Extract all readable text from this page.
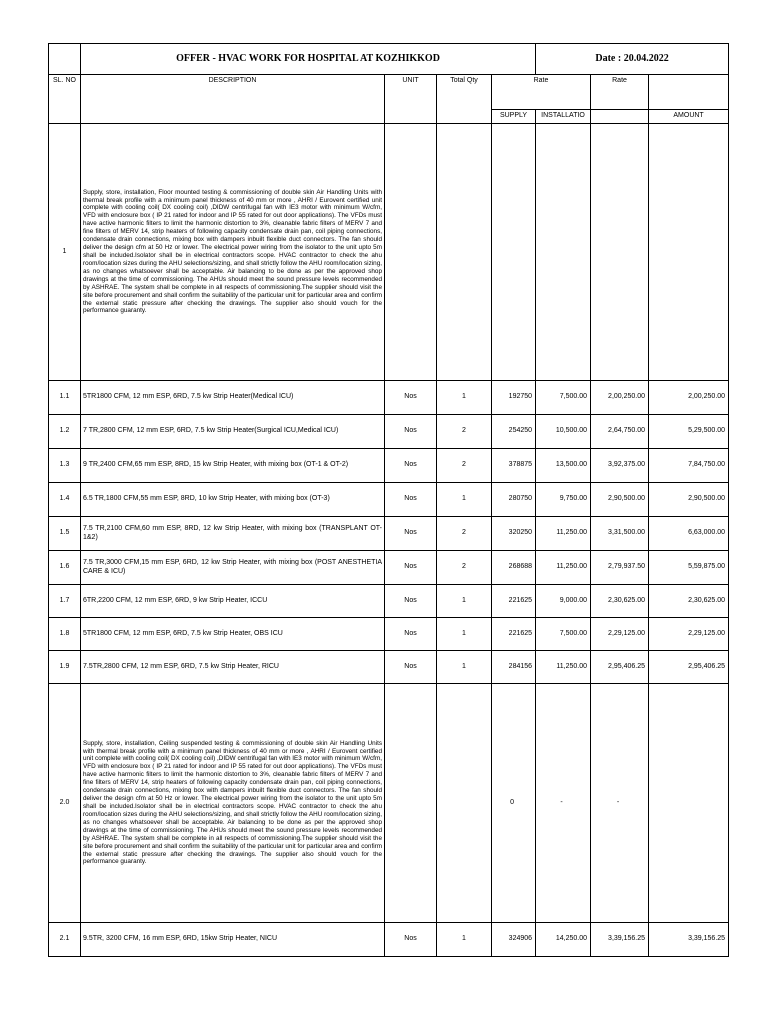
	OFFER - HVAC WORK FOR HOSPITAL AT KOZHIKKOD				Date : 20.04.2022		
SL. NO	DESCRIPTION	UNIT	Total Qty	Rate		Rate	
				SUPPLY	INSTALLATIO		AMOUNT
1	Supply, store, installation, Floor mounted testing & commissioning of double skin Air Handling Units with thermal break profile with a minimum panel thickness of 40 mm or more , AHRI / Eurovent certified unit complete with cooling coil( DX cooling coil) ,DIDW centrifugal fan with IE3 motor with minimum W/cfm, VFD with enclosure box ( IP 21 rated for indoor and IP 55 rated for out door applications). The VFDs must have active harmonic filters to limit the harmonic distortion to 3%, cleanable fabric filters of MERV 7 and fine filters of MERV 14, strip heaters of following capacity condensate drain pan, coil piping connections, condensate drain connections, mixing box with dampers inbuilt flexible duct connectors. The fan should deliver the design cfm at 50 Hz or lower. The electrical power wiring from the isolator to the unit upto 5m shall be included.Isolator shall be in electrical contractors scope. HVAC contractor to check the ahu room/location sizes during the AHU selections/sizing, and shall strictly follow the AHU room/location sizing, as no changes whatsoever shall be acceptable. Air balancing to be done as per the approved shop drawings at the time of commissioning. The AHUs should meet the sound pressure levels recommended by ASHRAE. The system shall be complete in all respects of commissioning.The supplier should visit the site before procurement and shall confirm the suitability of the particular unit for particular area and confirm the external static pressure after checking the drawings. The supplier also should vouch for the performance guaranty.						
1.1	5TR1800 CFM, 12 mm ESP, 6RD, 7.5 kw Strip Heater(Medical ICU)	Nos	1	192750	7,500.00	2,00,250.00	2,00,250.00
1.2	7 TR,2800 CFM, 12 mm ESP, 6RD, 7.5 kw Strip Heater(Surgical ICU,Medical ICU)	Nos	2	254250	10,500.00	2,64,750.00	5,29,500.00
1.3	9 TR,2400 CFM,65 mm ESP, 8RD, 15 kw Strip Heater, with mixing box (OT-1 & OT-2)	Nos	2	378875	13,500.00	3,92,375.00	7,84,750.00
1.4	6.5 TR,1800 CFM,55 mm ESP, 8RD, 10 kw Strip Heater, with mixing box (OT-3)	Nos	1	280750	9,750.00	2,90,500.00	2,90,500.00
1.5	7.5 TR,2100 CFM,60 mm ESP, 8RD, 12 kw Strip Heater, with mixing box (TRANSPLANT OT-1&2)	Nos	2	320250	11,250.00	3,31,500.00	6,63,000.00
1.6	7.5 TR,3000 CFM,15 mm ESP, 6RD, 12 kw Strip Heater, with mixing box (POST ANESTHETIA CARE & ICU)	Nos	2	268688	11,250.00	2,79,937.50	5,59,875.00
1.7	6TR,2200 CFM, 12 mm ESP, 6RD, 9 kw Strip Heater, ICCU	Nos	1	221625	9,000.00	2,30,625.00	2,30,625.00
1.8	5TR1800 CFM, 12 mm ESP, 6RD, 7.5 kw Strip Heater, OBS ICU	Nos	1	221625	7,500.00	2,29,125.00	2,29,125.00
1.9	7.5TR,2800 CFM, 12 mm ESP, 6RD, 7.5 kw Strip Heater, RICU	Nos	1	284156	11,250.00	2,95,406.25	2,95,406.25
2.0	Supply, store, installation, Ceiling suspended testing & commissioning of double skin Air Handling Units with thermal break profile with a minimum panel thickness of 40 mm or more , AHRI / Eurovent certified unit complete with cooling coil( DX cooling coil) ,DIDW centrifugal fan with IE3 motor with minimum W/cfm, VFD with enclosure box ( IP 21 rated for indoor and IP 55 rated for out door applications). The VFDs must have active harmonic filters to limit the harmonic distortion to 3%, cleanable fabric filters of MERV 7 and fine filters of MERV 14, strip heaters of following capacity condensate drain pan, coil piping connections, condensate drain connections, mixing box with dampers inbuilt flexible duct connectors. The fan should deliver the design cfm at 50 Hz or lower. The electrical power wiring from the isolator to the unit upto 5m shall be included.Isolator shall be in electrical contractors scope. HVAC contractor to check the ahu room/location sizes during the AHU selections/sizing, and shall strictly follow the AHU room/location sizing, as no changes whatsoever shall be acceptable. Air balancing to be done as per the approved shop drawings at the time of commissioning. The AHUs should meet the sound pressure levels recommended by ASHRAE. The system shall be complete in all respects of commissioning.The supplier should visit the site before procurement and shall confirm the suitability of the particular unit for particular area and confirm the external static pressure after checking the drawings. The supplier also should vouch for the performance guaranty.			0	-	-	
2.1	9.5TR, 3200 CFM, 16 mm ESP, 6RD, 15kw Strip Heater, NICU	Nos	1	324906	14,250.00	3,39,156.25	3,39,156.25
